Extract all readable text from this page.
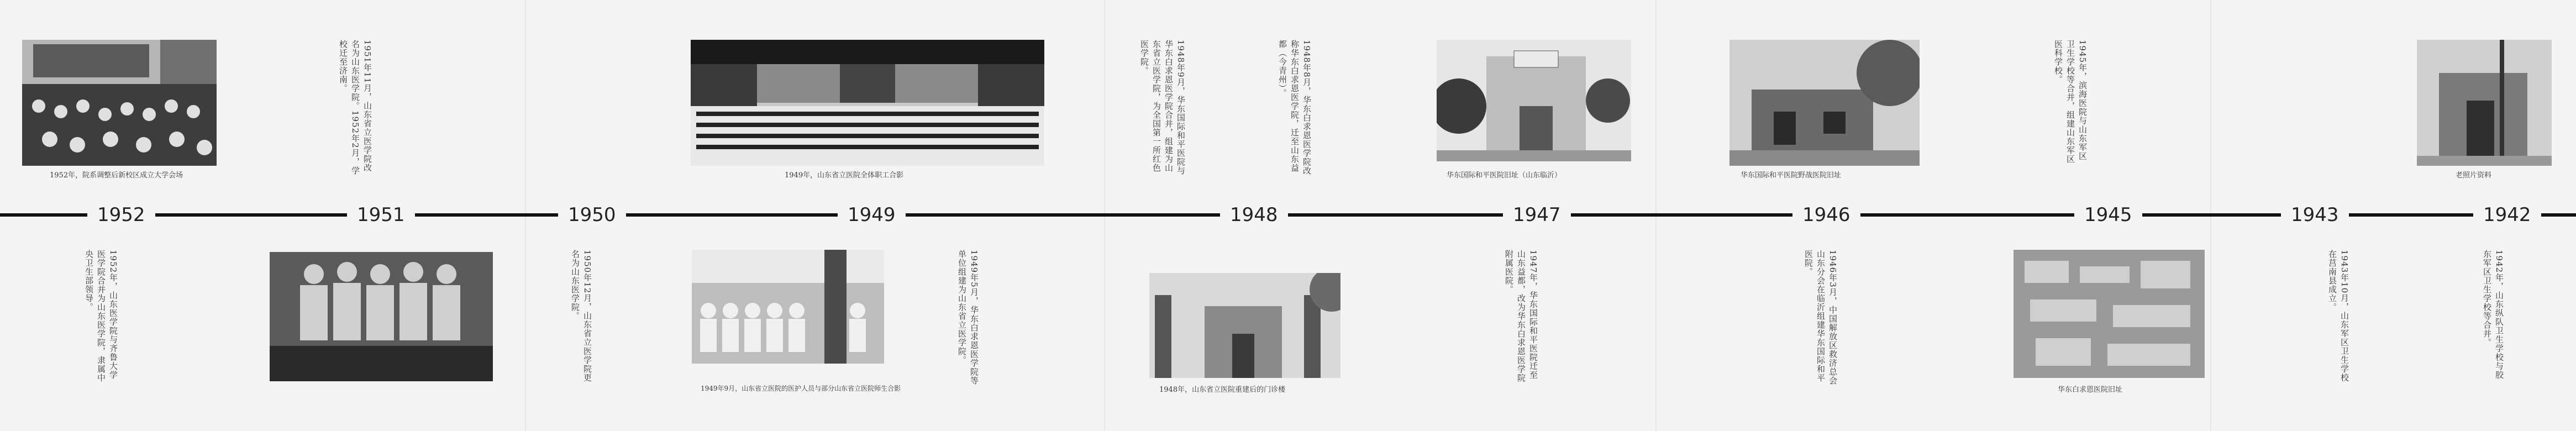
1952	1951	1950	1949	1948	1947	1946	1945	1943	1942
1952年，院系调整后新校区成立大学会场
1951年11月，山东省立医学院改名为山东医学院。1952年2月，学校迁至济南。
1949年，山东省立医院全体职工合影
1948年8月，华东白求恩医学院改称华东白求恩医学院，迁至山东益都（今青州）。
1948年9月，华东国际和平医院与华东白求恩医学院合并，组建为山东省立医学院，为全国第一所红色医学院。
华东国际和平医院旧址（山东临沂）	华东国际和平医院野战医院旧址
1945年，滨海医院与山东军区卫生学校等合并，组建山东军区医科学校。
老照片资料
1952年，山东医学院与齐鲁大学医学院合并为山东医学院，隶属中央卫生部领导。	1950年12月，山东省立医学院更名为山东医学院。
1949年9月，山东省立医院的医护人员与部分山东省立医院师生合影
1949年5月，华东白求恩医学院等单位组建为山东省立医学院。
1948年，山东省立医院重建后的门诊楼
1947年，华东国际和平医院迁至山东益都，改为华东白求恩医学院附属医院。	1946年3月，中国解放区救济总会山东分会在临沂组建华东国际和平医院。
华东白求恩医院旧址
1943年10月，山东军区卫生学校在莒南县成立。	1942年，山东纵队卫生学校与胶东军区卫生学校等合并。
